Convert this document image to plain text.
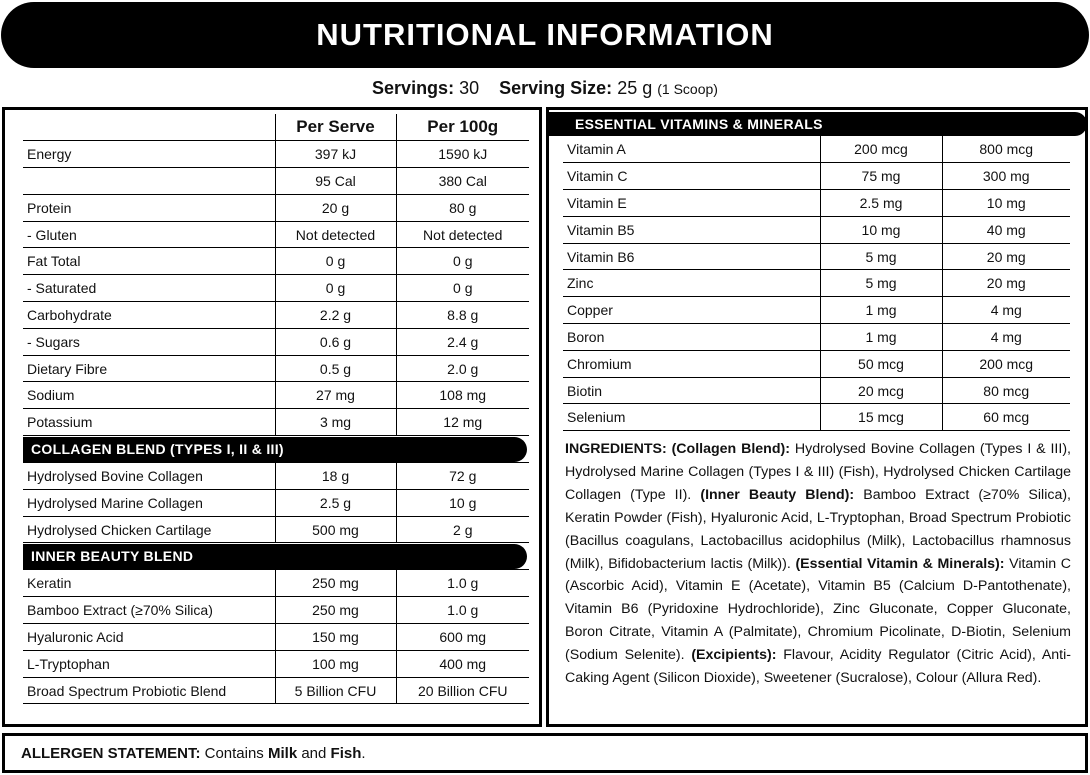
NUTRITIONAL INFORMATION
Servings: 30 Serving Size: 25 g (1 Scoop)
	Per Serve	Per 100g
Energy	397 kJ	1590 kJ
	95 Cal	380 Cal
Protein	20 g	80 g
- Gluten	Not detected	Not detected
Fat Total	0 g	0 g
- Saturated	0 g	0 g
Carbohydrate	2.2 g	8.8 g
- Sugars	0.6 g	2.4 g
Dietary Fibre	0.5 g	2.0 g
Sodium	27 mg	108 mg
Potassium	3 mg	12 mg

COLLAGEN BLEND (TYPES I, II & III)		

Hydrolysed Bovine Collagen	18 g	72 g
Hydrolysed Marine Collagen	2.5 g	10 g
Hydrolysed Chicken Cartilage	500 mg	2 g

INNER BEAUTY BLEND		

Keratin	250 mg	1.0 g
Bamboo Extract (≥70% Silica)	250 mg	1.0 g
Hyaluronic Acid	150 mg	600 mg
L-Tryptophan	100 mg	400 mg
Broad Spectrum Probiotic Blend	5 Billion CFU	20 Billion CFU
ESSENTIAL VITAMINS & MINERALS
Vitamin A	200 mcg	800 mcg
Vitamin C	75 mg	300 mg
Vitamin E	2.5 mg	10 mg
Vitamin B5	10 mg	40 mg
Vitamin B6	5 mg	20 mg
Zinc	5 mg	20 mg
Copper	1 mg	4 mg
Boron	1 mg	4 mg
Chromium	50 mcg	200 mcg
Biotin	20 mcg	80 mcg
Selenium	15 mcg	60 mcg
INGREDIENTS: (Collagen Blend): Hydrolysed Bovine Collagen (Types I & III), Hydrolysed Marine Collagen (Types I & III) (Fish), Hydrolysed Chicken Cartilage Collagen (Type II). (Inner Beauty Blend): Bamboo Extract (≥70% Silica), Keratin Powder (Fish), Hyaluronic Acid, L-Tryptophan, Broad Spectrum Probiotic (Bacillus coagulans, Lactobacillus acidophilus (Milk), Lactobacillus rhamnosus (Milk), Bifidobacterium lactis (Milk)). (Essential Vitamin & Minerals): Vitamin C (Ascorbic Acid), Vitamin E (Acetate), Vitamin B5 (Calcium D-Pantothenate), Vitamin B6 (Pyridoxine Hydrochloride), Zinc Gluconate, Copper Gluconate, Boron Citrate, Vitamin A (Palmitate), Chromium Picolinate, D-Biotin, Selenium (Sodium Selenite). (Excipients): Flavour, Acidity Regulator (Citric Acid), Anti-Caking Agent (Silicon Dioxide), Sweetener (Sucralose), Colour (Allura Red).
ALLERGEN STATEMENT:
Contains
Milk
and
Fish .
